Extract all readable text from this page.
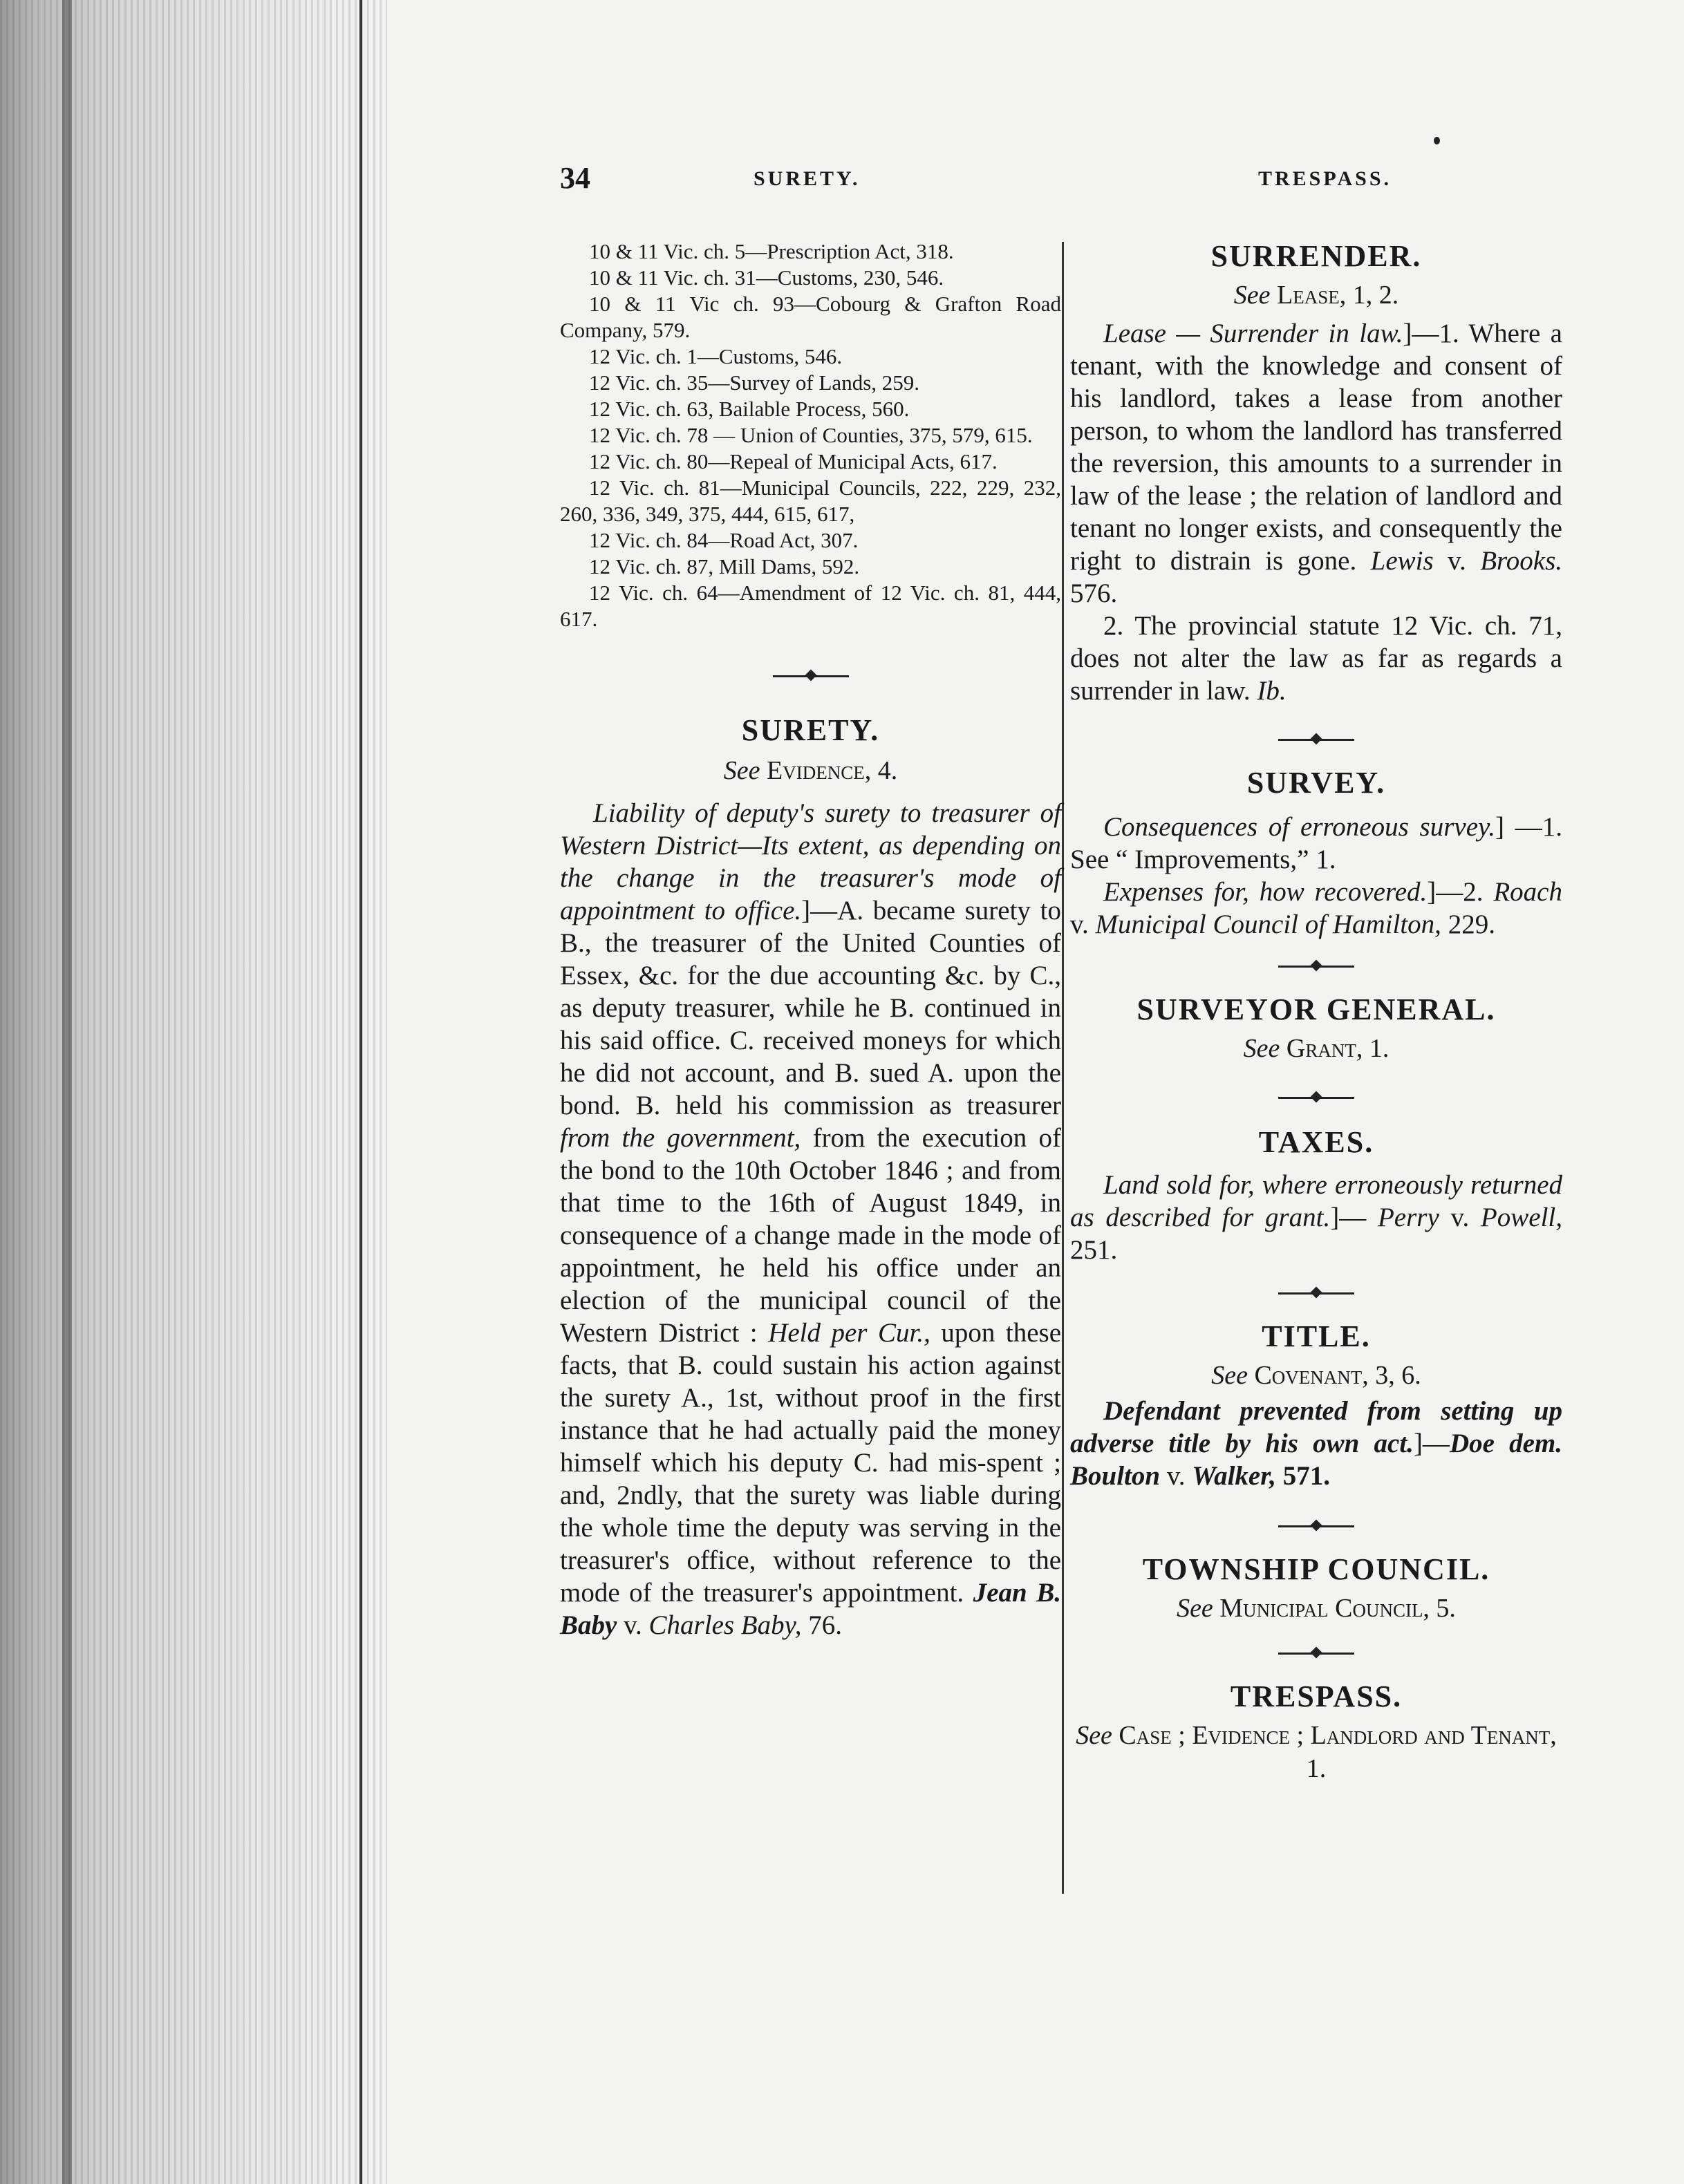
34	SURETY.	TRESPASS.

10 & 11 Vic. ch. 5—Prescription Act, 318.

10 & 11 Vic. ch. 31—Customs, 230, 546.

10 & 11 Vic ch. 93—Cobourg & Grafton Road Company, 579.

12 Vic. ch. 1—Customs, 546.

12 Vic. ch. 35—Survey of Lands, 259.

12 Vic. ch. 63, Bailable Process, 560.

12 Vic. ch. 78 — Union of Counties, 375, 579, 615.

12 Vic. ch. 80—Repeal of Municipal Acts, 617.

12 Vic. ch. 81—Municipal Councils, 222, 229, 232, 260, 336, 349, 375, 444, 615, 617,

12 Vic. ch. 84—Road Act, 307.

12 Vic. ch. 87, Mill Dams, 592.

12 Vic. ch. 64—Amendment of 12 Vic. ch. 81, 444, 617.

SURETY.

See Evidence, 4.

Liability of deputy's surety to treasurer of Western District—Its extent, as depending on the change in the treasurer's mode of appointment to office.]—A. became surety to B., the treasurer of the United Counties of Essex, &c. for the due accounting &c. by C., as deputy treasurer, while he B. continued in his said office. C. received moneys for which he did not account, and B. sued A. upon the bond. B. held his commission as treasurer from the government, from the execution of the bond to the 10th October 1846 ; and from that time to the 16th of August 1849, in consequence of a change made in the mode of appointment, he held his office under an election of the municipal council of the Western District : Held per Cur., upon these facts, that B. could sustain his action against the surety A., 1st, without proof in the first instance that he had actually paid the money himself which his deputy C. had mis-spent ; and, 2ndly, that the surety was liable during the whole time the deputy was serving in the treasurer's office, without reference to the mode of the treasurer's appointment. Jean B. Baby v. Charles Baby, 76.

SURRENDER.

See Lease, 1, 2.

Lease — Surrender in law.]—1. Where a tenant, with the knowledge and consent of his landlord, takes a lease from another person, to whom the landlord has transferred the reversion, this amounts to a surrender in law of the lease ; the relation of landlord and tenant no longer exists, and consequently the right to distrain is gone. Lewis v. Brooks. 576.

2. The provincial statute 12 Vic. ch. 71, does not alter the law as far as regards a surrender in law. Ib.

SURVEY.

Consequences of erroneous survey.] —1. See “ Improvements,” 1.

Expenses for, how recovered.]—2. Roach v. Municipal Council of Hamilton, 229.

SURVEYOR GENERAL.

See Grant, 1.

TAXES.

Land sold for, where erroneously returned as described for grant.]— Perry v. Powell, 251.

TITLE.

See Covenant, 3, 6.

Defendant prevented from setting up adverse title by his own act.]—Doe dem. Boulton v. Walker, 571.

TOWNSHIP COUNCIL.

See Municipal Council, 5.

TRESPASS.

See Case ; Evidence ; Landlord and Tenant, 1.
